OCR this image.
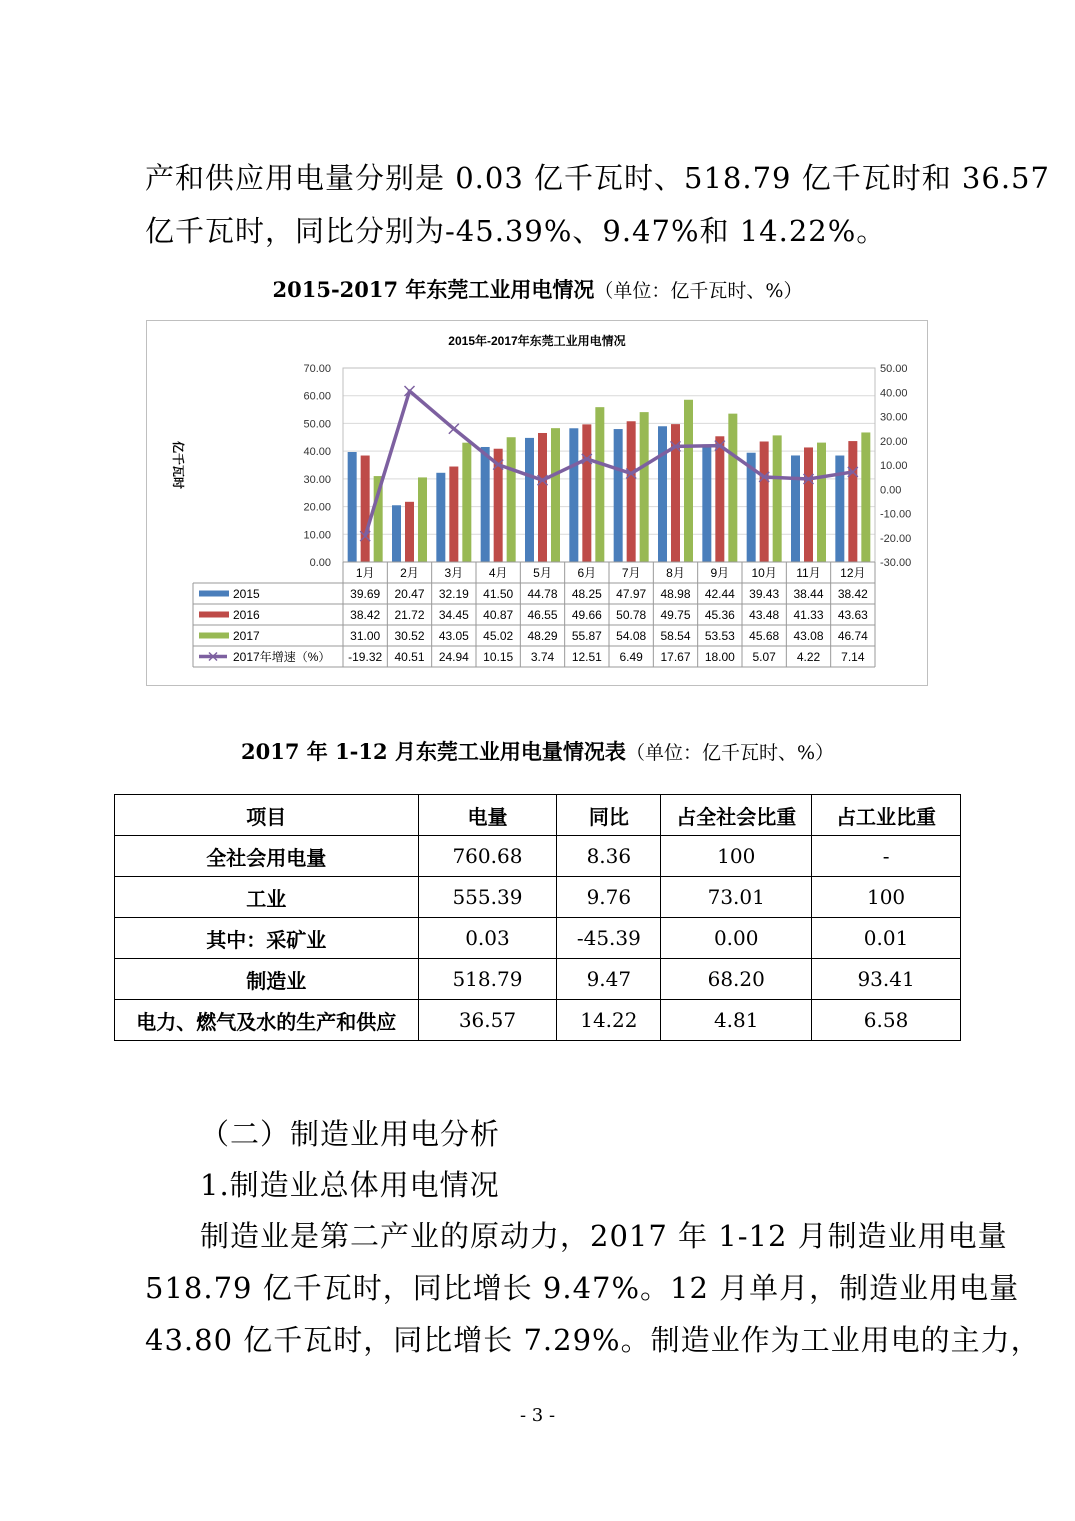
产和供应用电量分别是 0.03 亿千瓦时、518.79 亿千瓦时和 36.57
亿千瓦时，同比分别为-45.39%、9.47%和 14.22%。
2015-2017 年东莞工业用电情况（单位：亿千瓦时、%）
2015年-2017年东莞工业用电情况
亿千瓦时
70.00
60.00
50.00
40.00
30.00
20.00
10.00
0.00
50.00
40.00
30.00
20.00
10.00
0.00
-10.00
-20.00
-30.00
1月 2月 3月 4月 5月 6月 7月 8月 9月 10月 11月 12月
2015	39.69 20.47 32.19 41.50 44.78 48.25 47.97 48.98 42.44 39.43 38.44 38.42
2016	38.42 21.72 34.45 40.87 46.55 49.66 50.78 49.75 45.36 43.48 41.33 43.63
2017	31.00 30.52 43.05 45.02 48.29 55.87 54.08 58.54 53.53 45.68 43.08 46.74
2017年增速（%） -19.32 40.51 24.94 10.15 3.74 12.51 6.49 17.67 18.00 5.07 4.22 7.14
2017 年 1-12 月东莞工业用电量情况表（单位：亿千瓦时、%）
项目	电量	同比	占全社会比重	占工业比重
全社会用电量	760.68	8.36	100	-
工业	555.39	9.76	73.01	100
其中：采矿业	0.03	-45.39	0.00	0.01
制造业	518.79	9.47	68.20	93.41
电力、燃气及水的生产和供应	36.57	14.22	4.81	6.58
（二）制造业用电分析
1.制造业总体用电情况
制造业是第二产业的原动力，2017 年 1-12 月制造业用电量
518.79 亿千瓦时，同比增长 9.47%。12 月单月，制造业用电量
43.80 亿千瓦时，同比增长 7.29%。制造业作为工业用电的主力，
- 3 -
